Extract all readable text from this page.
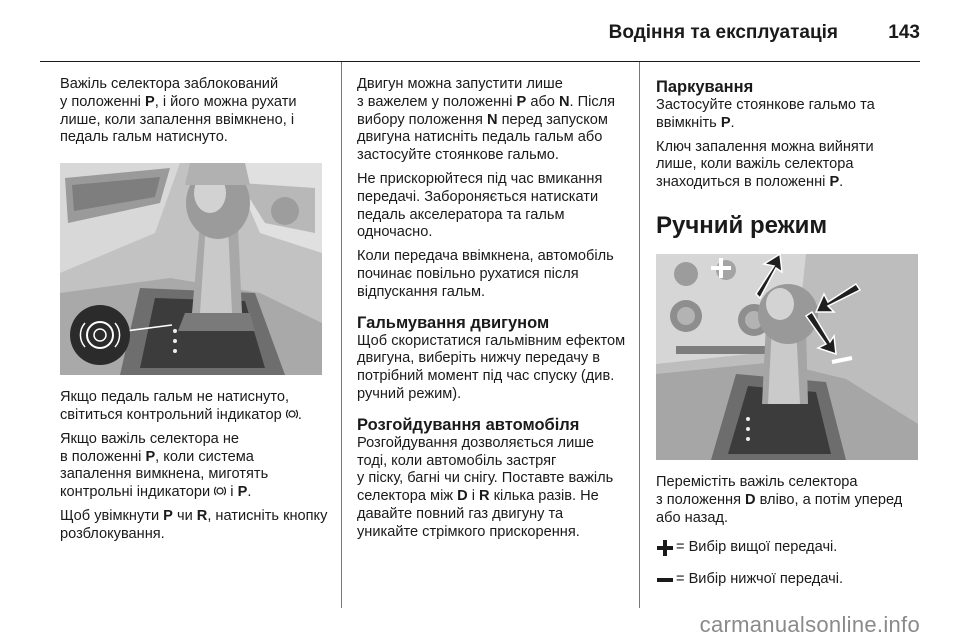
Водіння та експлуатація	143

Важіль селектора заблокований
у положенні P, і його можна рухати лише, коли запалення ввімкнено, і педаль гальм натиснуто.

Якщо педаль гальм не натиснуто, світиться контрольний індикатор .

Якщо важіль селектора не
в положенні P, коли система запалення вимкнена, миготять контрольні індикатори  і P.

Щоб увімкнути P чи R, натисніть кнопку розблокування.

Двигун можна запустити лише
з важелем у положенні P або N. Після вибору положення N перед запуском двигуна натисніть педаль гальм або застосуйте стоянкове гальмо.

Не прискорюйтеся під час вмикання передачі. Забороняється натискати педаль акселератора та гальм одночасно.

Коли передача ввімкнена, автомобіль починає повільно рухатися після відпускання гальм.

Гальмування двигуном

Щоб скористатися гальмівним ефектом двигуна, виберіть нижчу передачу в потрібний момент під час спуску (див. ручний режим).

Розгойдування автомобіля

Розгойдування дозволяється лише тоді, коли автомобіль застряг
у піску, багні чи снігу. Поставте важіль селектора між D і R кілька разів. Не давайте повний газ двигуну та уникайте стрімкого прискорення.

Паркування

Застосуйте стоянкове гальмо та ввімкніть P.

Ключ запалення можна вийняти лише, коли важіль селектора знаходиться в положенні P.

Ручний режим

Перемістіть важіль селектора
з положення D вліво, а потім уперед або назад.

= Вибір вищої передачі.
= Вибір нижчої передачі.
carmanualsonline.info
